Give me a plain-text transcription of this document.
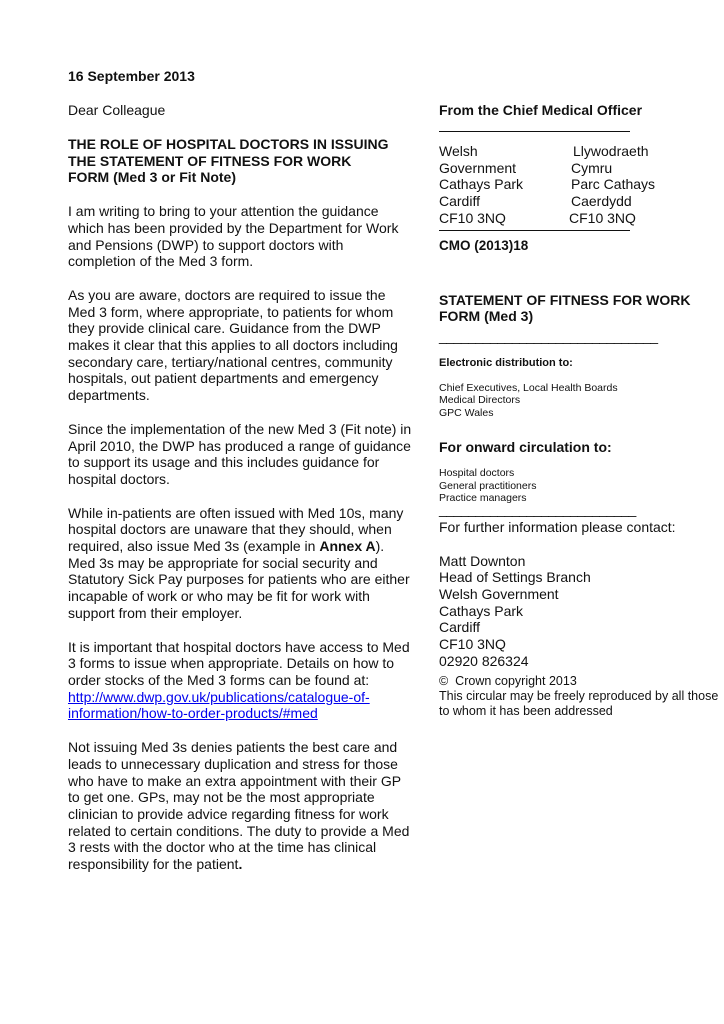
16 September 2013

Dear Colleague

THE ROLE OF HOSPITAL DOCTORS IN ISSUING
THE STATEMENT OF FITNESS FOR WORK
FORM (Med 3 or Fit Note)

I am writing to bring to your attention the guidance which has been provided by the Department for Work and Pensions (DWP) to support doctors with completion of the Med 3 form.

As you are aware, doctors are required to issue the Med 3 form, where appropriate, to patients for whom they provide clinical care. Guidance from the DWP makes it clear that this applies to all doctors including secondary care, tertiary/national centres, community hospitals, out patient departments and emergency departments.

Since the implementation of the new Med 3 (Fit note) in April 2010, the DWP has produced a range of guidance to support its usage and this includes guidance for hospital doctors.

While in-patients are often issued with Med 10s, many hospital doctors are unaware that they should, when required, also issue Med 3s (example in Annex A). Med 3s may be appropriate for social security and Statutory Sick Pay purposes for patients who are either incapable of work or who may be fit for work with support from their employer.

It is important that hospital doctors have access to Med 3 forms to issue when appropriate. Details on how to order stocks of the Med 3 forms can be found at:
http://www.dwp.gov.uk/publications/catalogue-of-information/how-to-order-products/#med

Not issuing Med 3s denies patients the best care and leads to unnecessary duplication and stress for those who have to make an extra appointment with their GP to get one. GPs, may not be the most appropriate clinician to provide advice regarding fitness for work related to certain conditions. The duty to provide a Med 3 rests with the doctor who at the time has clinical responsibility for the patient.

From the Chief Medical Officer
Welsh
Government
Cathays Park
Cardiff
CF10 3NQ
Llywodraeth
Cymru
Parc Cathays
Caerdydd
CF10 3NQ
CMO (2013)18
STATEMENT OF FITNESS FOR WORK FORM (Med 3)
______________________________
Electronic distribution to:
Chief Executives, Local Health Boards
Medical Directors
GPC Wales
For onward circulation to:
Hospital doctors
General practitioners
Practice managers
___________________________
For further information please contact:
Matt Downton
Head of Settings Branch
Welsh Government
Cathays Park
Cardiff
CF10 3NQ
02920 826324
© Crown copyright 2013
This circular may be freely reproduced by all those to whom it has been addressed
